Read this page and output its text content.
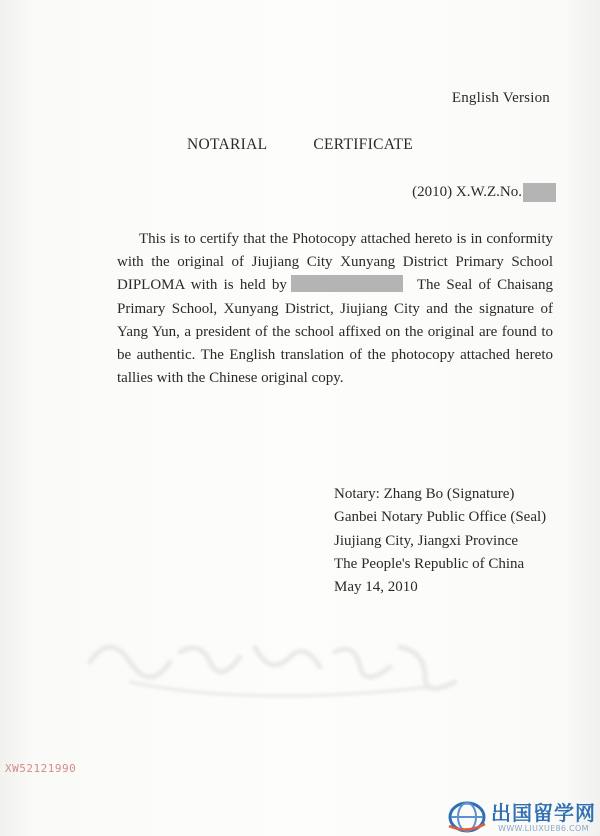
English Version
NOTARIAL	CERTIFICATE
(2010) X.W.Z.No.

This is to certify that the Photocopy attached hereto is in conformity with the original of Jiujiang City Xunyang District Primary School DIPLOMA with is held by	The Seal of Chaisang Primary School, Xunyang District, Jiujiang City and the signature of Yang Yun, a president of the school affixed on the original are found to be authentic. The English translation of the photocopy attached hereto tallies with the Chinese original copy.

Notary: Zhang Bo (Signature)
Ganbei Notary Public Office (Seal)
Jiujiang City, Jiangxi Province
The People's Republic of China
May 14, 2010
XW52121990
出国留学网
WWW.LIUXUE86.COM
